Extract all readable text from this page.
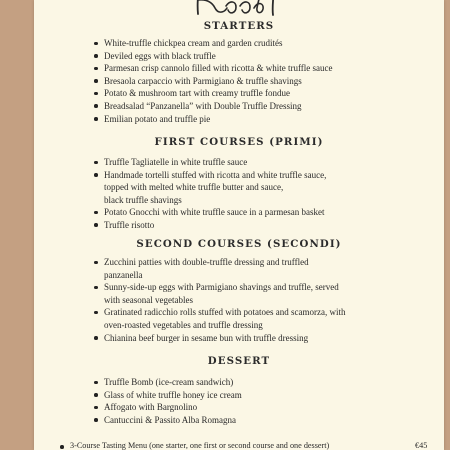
STARTERS
White-truffle chickpea cream and garden crudités
Deviled eggs with black truffle
Parmesan crisp cannolo filled with ricotta & white truffle sauce
Bresaola carpaccio with Parmigiano & truffle shavings
Potato & mushroom tart with creamy truffle fondue
Breadsalad “Panzanella” with Double Truffle Dressing
Emilian potato and truffle pie
FIRST COURSES (PRIMI)
Truffle Tagliatelle in white truffle sauce
Handmade tortelli stuffed with ricotta and white truffle sauce,
topped with melted white truffle butter and sauce,
black truffle shavings
Potato Gnocchi with white truffle sauce in a parmesan basket
Truffle risotto
SECOND COURSES (SECONDI)
Zucchini patties with double-truffle dressing and truffled
panzanella
Sunny-side-up eggs with Parmigiano shavings and truffle, served
with seasonal vegetables
Gratinated radicchio rolls stuffed with potatoes and scamorza, with
oven-roasted vegetables and truffle dressing
Chianina beef burger in sesame bun with truffle dressing
DESSERT
Truffle Bomb (ice-cream sandwich)
Glass of white truffle honey ice cream
Affogato with Bargnolino
Cantuccini & Passito Alba Romagna
3-Course Tasting Menu (one starter, one first or second course and one dessert)	€45
